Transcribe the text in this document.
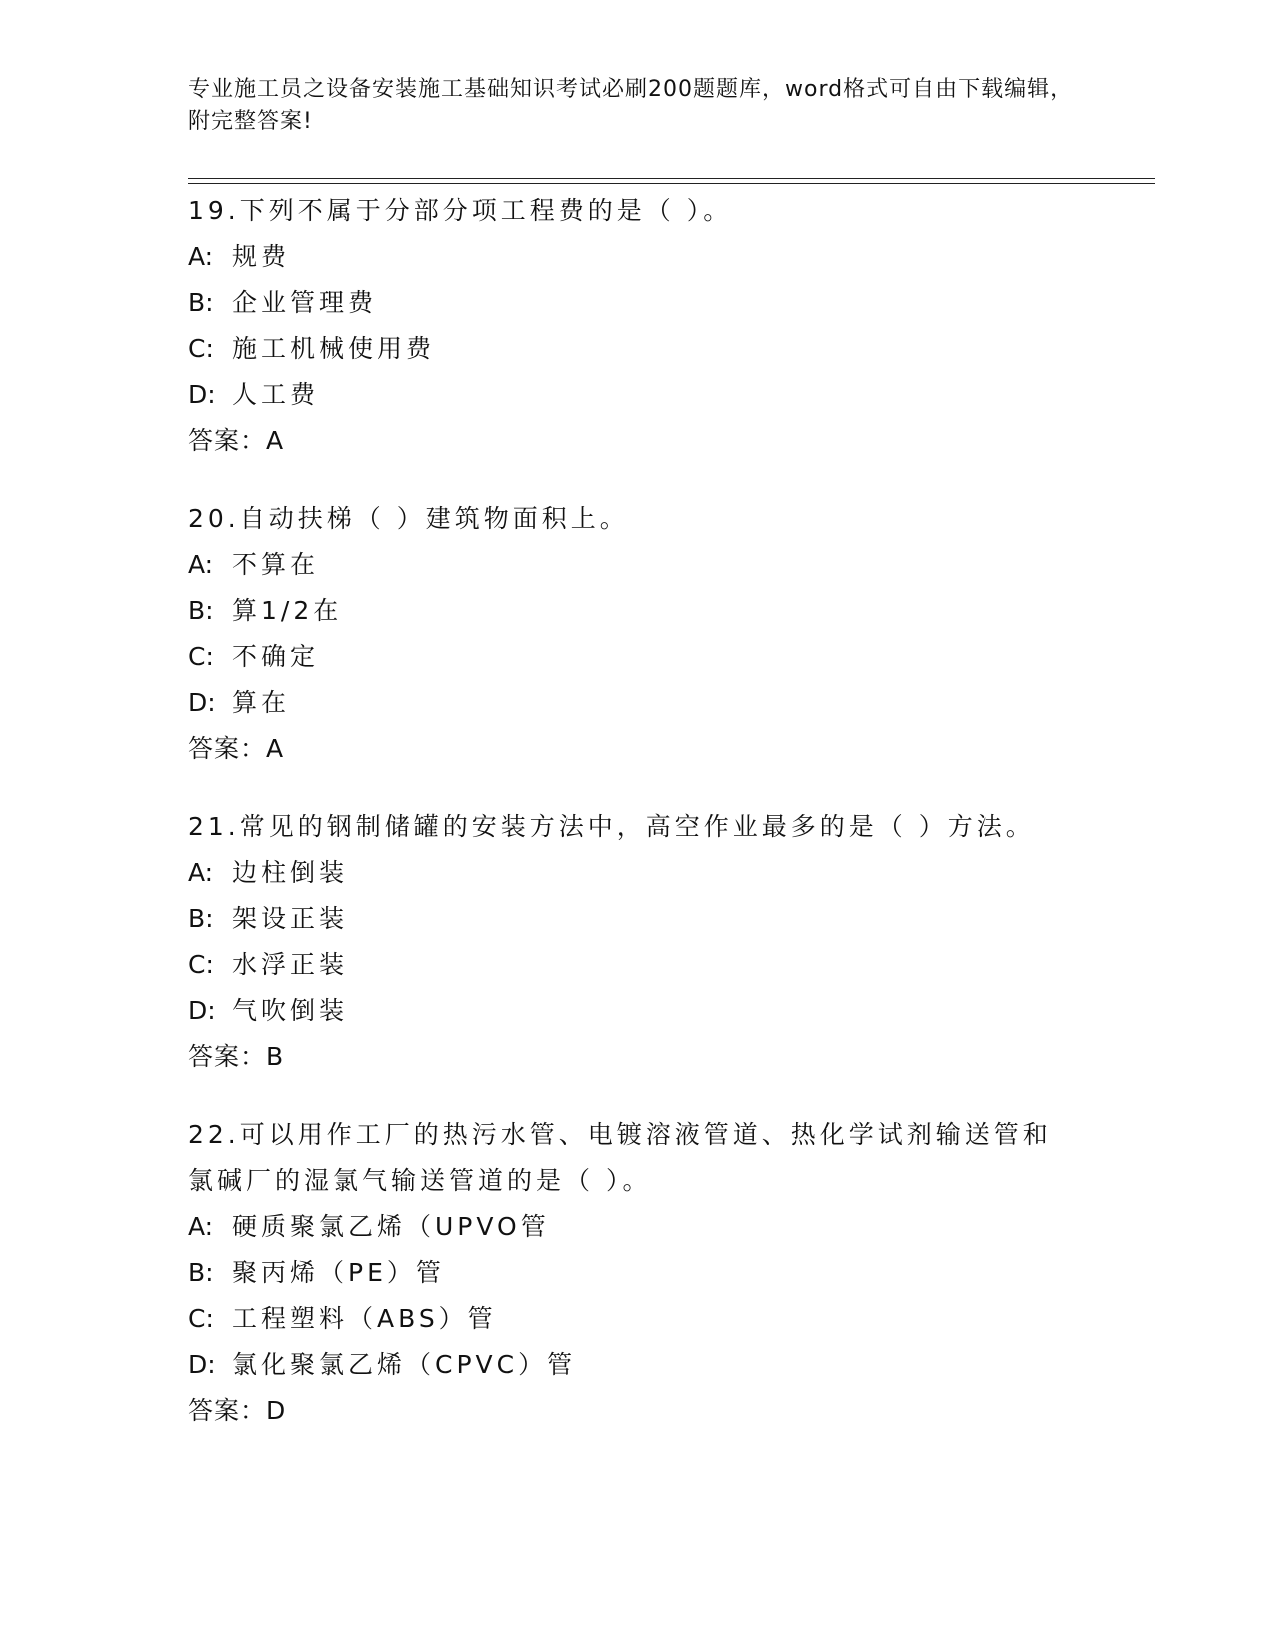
专业施工员之设备安装施工基础知识考试必刷200题题库，word格式可自由下载编辑，附完整答案!
19.下列不属于分部分项工程费的是（ ）。
A: 规费
B: 企业管理费
C: 施工机械使用费
D: 人工费
答案：A
20.自动扶梯（ ）建筑物面积上。
A: 不算在
B: 算1/2在
C: 不确定
D: 算在
答案：A
21.常见的钢制储罐的安装方法中，高空作业最多的是（ ）方法。
A: 边柱倒装
B: 架设正装
C: 水浮正装
D: 气吹倒装
答案：B
22.可以用作工厂的热污水管、电镀溶液管道、热化学试剂输送管和氯碱厂的湿氯气输送管道的是（ ）。
A: 硬质聚氯乙烯（UPVO管
B: 聚丙烯（PE）管
C: 工程塑料（ABS）管
D: 氯化聚氯乙烯（CPVC）管
答案：D
